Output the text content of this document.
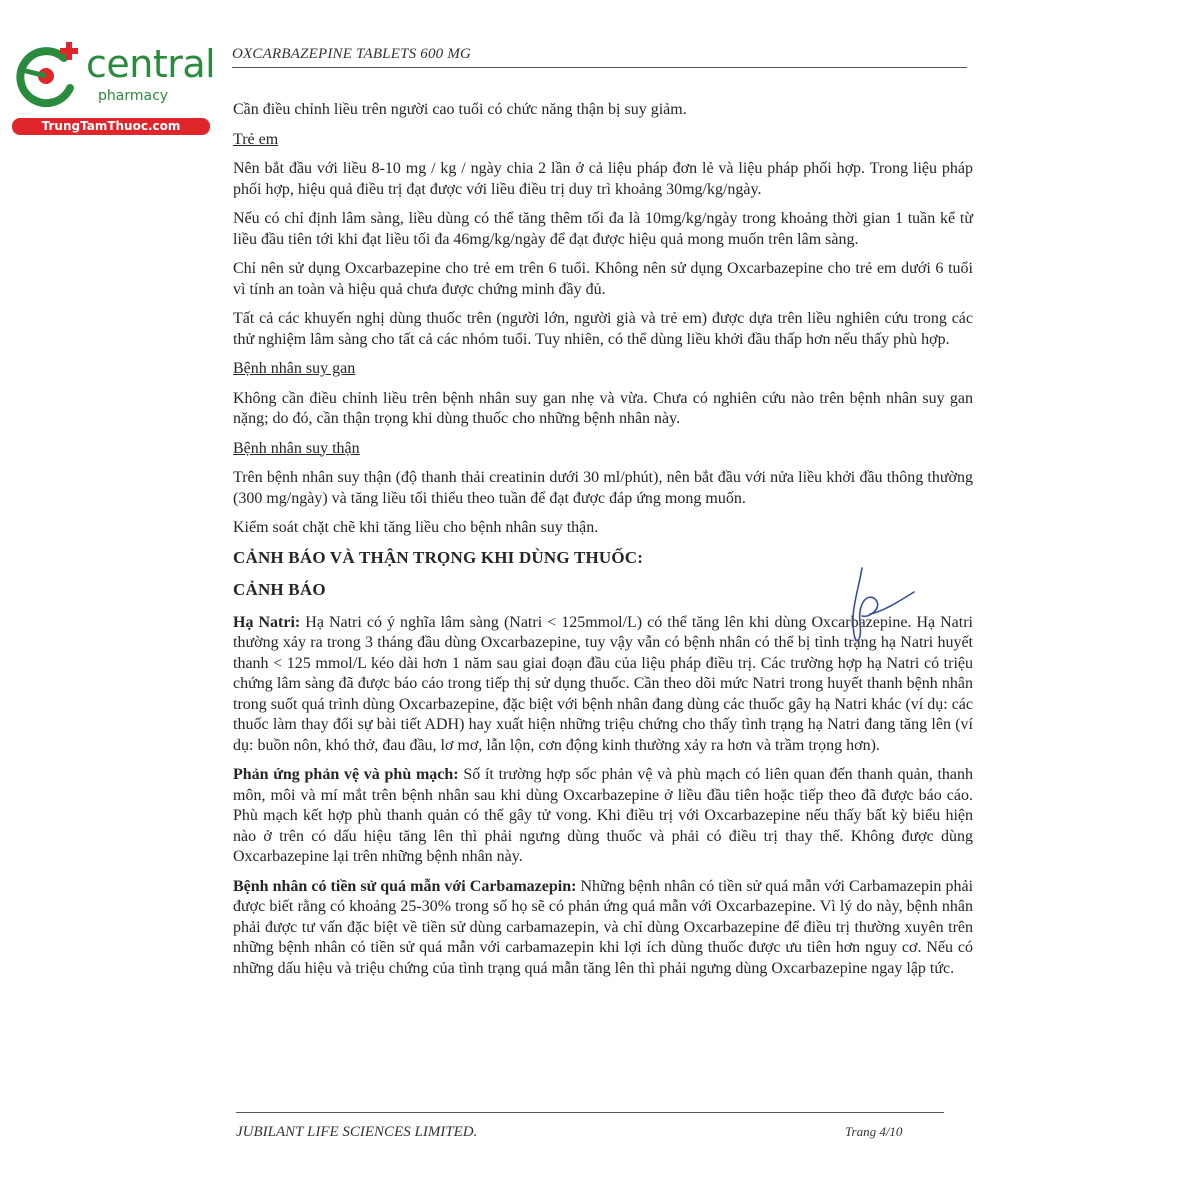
central
pharmacy
TrungTamThuoc.com
OXCARBAZEPINE TABLETS 600 MG

Cần điều chỉnh liều trên người cao tuổi có chức năng thận bị suy giảm.

Trẻ em

Nên bắt đầu với liều 8-10 mg / kg / ngày chia 2 lần ở cả liệu pháp đơn lẻ và liệu pháp phối hợp. Trong liệu pháp phối hợp, hiệu quả điều trị đạt được với liều điều trị duy trì khoảng 30mg/kg/ngày.

Nếu có chỉ định lâm sàng, liều dùng có thể tăng thêm tối đa là 10mg/kg/ngày trong khoảng thời gian 1 tuần kể từ liều đầu tiên tới khi đạt liều tối đa 46mg/kg/ngày để đạt được hiệu quả mong muốn trên lâm sàng.

Chỉ nên sử dụng Oxcarbazepine cho trẻ em trên 6 tuổi. Không nên sử dụng Oxcarbazepine cho trẻ em dưới 6 tuổi vì tính an toàn và hiệu quả chưa được chứng minh đầy đủ.

Tất cả các khuyến nghị dùng thuốc trên (người lớn, người già và trẻ em) được dựa trên liều nghiên cứu trong các thử nghiệm lâm sàng cho tất cả các nhóm tuổi. Tuy nhiên, có thể dùng liều khởi đầu thấp hơn nếu thấy phù hợp.

Bệnh nhân suy gan

Không cần điều chỉnh liều trên bệnh nhân suy gan nhẹ và vừa. Chưa có nghiên cứu nào trên bệnh nhân suy gan nặng; do đó, cần thận trọng khi dùng thuốc cho những bệnh nhân này.

Bệnh nhân suy thận

Trên bệnh nhân suy thận (độ thanh thải creatinin dưới 30 ml/phút), nên bắt đầu với nửa liều khởi đầu thông thường (300 mg/ngày) và tăng liều tối thiểu theo tuần để đạt được đáp ứng mong muốn.

Kiểm soát chặt chẽ khi tăng liều cho bệnh nhân suy thận.

CẢNH BÁO VÀ THẬN TRỌNG KHI DÙNG THUỐC:

CẢNH BÁO

Hạ Natri: Hạ Natri có ý nghĩa lâm sàng (Natri < 125mmol/L) có thể tăng lên khi dùng Oxcarbazepine. Hạ Natri thường xảy ra trong 3 tháng đầu dùng Oxcarbazepine, tuy vậy vẫn có bệnh nhân có thể bị tình trạng hạ Natri huyết thanh < 125 mmol/L kéo dài hơn 1 năm sau giai đoạn đầu của liệu pháp điều trị. Các trường hợp hạ Natri có triệu chứng lâm sàng đã được báo cáo trong tiếp thị sử dụng thuốc. Cần theo dõi mức Natri trong huyết thanh bệnh nhân trong suốt quá trình dùng Oxcarbazepine, đặc biệt với bệnh nhân đang dùng các thuốc gây hạ Natri khác (ví dụ: các thuốc làm thay đổi sự bài tiết ADH) hay xuất hiện những triệu chứng cho thấy tình trạng hạ Natri đang tăng lên (ví dụ: buồn nôn, khó thở, đau đầu, lơ mơ, lẫn lộn, cơn động kinh thường xảy ra hơn và trầm trọng hơn).

Phản ứng phản vệ và phù mạch: Số ít trường hợp sốc phản vệ và phù mạch có liên quan đến thanh quản, thanh môn, môi và mí mắt trên bệnh nhân sau khi dùng Oxcarbazepine ở liều đầu tiên hoặc tiếp theo đã được báo cáo. Phù mạch kết hợp phù thanh quản có thể gây tử vong. Khi điều trị với Oxcarbazepine nếu thấy bất kỳ biểu hiện nào ở trên có dấu hiệu tăng lên thì phải ngưng dùng thuốc và phải có điều trị thay thế. Không được dùng Oxcarbazepine lại trên những bệnh nhân này.

Bệnh nhân có tiền sử quá mẫn với Carbamazepin: Những bệnh nhân có tiền sử quá mẫn với Carbamazepin phải được biết rằng có khoảng 25-30% trong số họ sẽ có phản ứng quá mẫn với Oxcarbazepine. Vì lý do này, bệnh nhân phải được tư vấn đặc biệt về tiền sử dùng carbamazepin, và chỉ dùng Oxcarbazepine để điều trị thường xuyên trên những bệnh nhân có tiền sử quá mẫn với carbamazepin khi lợi ích dùng thuốc được ưu tiên hơn nguy cơ. Nếu có những dấu hiệu và triệu chứng của tình trạng quá mẫn tăng lên thì phải ngưng dùng Oxcarbazepine ngay lập tức.

JUBILANT LIFE SCIENCES LIMITED.	Trang 4/10
